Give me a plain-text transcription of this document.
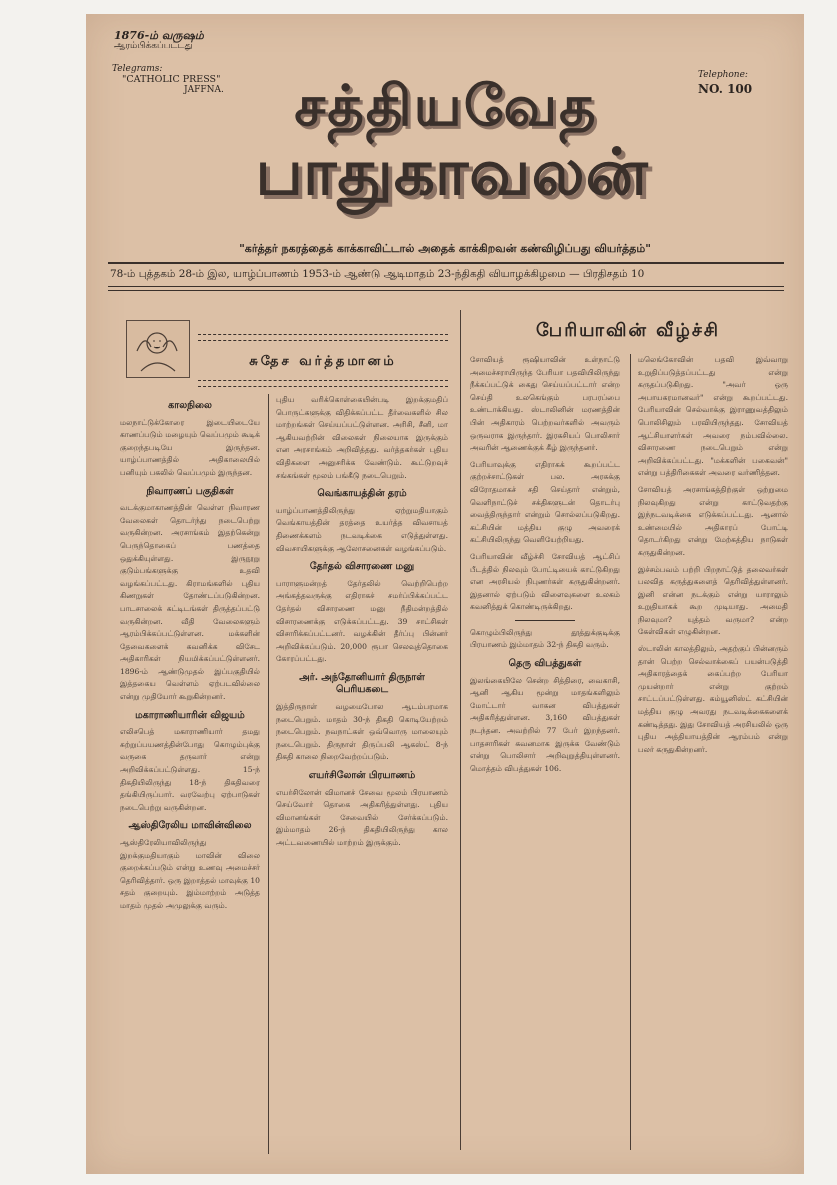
1876-ம் வருஷம்
ஆரம்பிக்கப்பட்டது
Telegrams:
"CATHOLIC PRESS"
JAFFNA.
Telephone:
NO. 100
சத்தியவேத
பாதுகாவலன்
"கர்த்தர் நகரத்தைக் காக்காவிட்டால் அதைக் காக்கிறவன் கண்விழிப்பது வியர்த்தம்"
78-ம் புத்தகம் 28-ம் இல, யாழ்ப்பாணம் 1953-ம் ஆண்டு ஆடிமாதம் 23-ந்திகதி வியாழக்கிழமை — பிரதிசதம் 10
சுதேச வர்த்தமானம்
காலநிலை

மலநாட்டுக்கோரை இடையிடையே காணப்படும் மழையும் வெப்பமும் கூடிக் குறைந்தபடியே இருந்தன. யாழ்ப்பாணத்தில் அதிகாலையில் பனியும் பகலில் வெப்பமும் இருந்தன.

நிவாரணப் பகுதிகள்

வடக்குமாகாணத்தின் வெள்ள நிவாரண வேலைகள் தொடர்ந்து நடைபெற்று வருகின்றன. அரசாங்கம் இதற்கென்று பெருந்தொகைப் பணத்தை ஒதுக்கியுள்ளது. இருநூறு குடும்பங்களுக்கு உதவி வழங்கப்பட்டது. கிராமங்களில் புதிய கிணறுகள் தோண்டப்படுகின்றன. பாடசாலைக் கட்டிடங்கள் திருத்தப்பட்டு வருகின்றன. வீதி வேலைகளும் ஆரம்பிக்கப்பட்டுள்ளன. மக்களின் தேவைகளைக் கவனிக்க விசேட அதிகாரிகள் நியமிக்கப்பட்டுள்ளனர். 1896-ம் ஆண்டுமுதல் இப்பகுதியில் இத்தகைய வெள்ளம் ஏற்படவில்லை என்று முதியோர் கூறுகின்றனர்.

மகாராணியாரின் விஜயம்

எலிசபெத் மகாராணியார் தமது சுற்றுப்பயணத்தின்போது கொழும்புக்கு வருகை தருவார் என்று அறிவிக்கப்பட்டுள்ளது. 15-ந் திகதியிலிருந்து 18-ந் திகதிவரை தங்கியிருப்பார். வரவேற்பு ஏற்பாடுகள் நடைபெற்று வருகின்றன.

ஆஸ்திரேலிய மாவின்விலை

ஆஸ்திரேலியாவிலிருந்து இறக்குமதியாகும் மாவின் விலை குறைக்கப்படும் என்று உணவு அமைச்சர் தெரிவித்தார். ஒரு இறாத்தல் மாவுக்கு 10 சதம் குறையும். இம்மாற்றம் அடுத்த மாதம் முதல் அமுலுக்கு வரும்.

புதிய வரிக்கொள்கையின்படி இறக்குமதிப் பொருட்களுக்கு விதிக்கப்பட்ட தீர்வைகளில் சில மாற்றங்கள் செய்யப்பட்டுள்ளன. அரிசி, சீனி, மா ஆகியவற்றின் விலைகள் நிலையாக இருக்கும் என அரசாங்கம் அறிவித்தது. வர்த்தகர்கள் புதிய விதிகளை அனுசரிக்க வேண்டும். கூட்டுறவுச் சங்கங்கள் மூலம் பங்கீடு நடைபெறும்.

வெங்காயத்தின் தரம்

யாழ்ப்பாணத்திலிருந்து ஏற்றுமதியாகும் வெங்காயத்தின் தரத்தை உயர்த்த விவசாயத் திணைக்களம் நடவடிக்கை எடுத்துள்ளது. விவசாயிகளுக்கு ஆலோசனைகள் வழங்கப்படும்.

தேர்தல் விசாரணை மனு

பாராளுமன்றத் தேர்தலில் வெற்றிபெற்ற அங்கத்தவருக்கு எதிராகச் சமர்ப்பிக்கப்பட்ட தேர்தல் விசாரணை மனு நீதிமன்றத்தில் விசாரணைக்கு எடுக்கப்பட்டது. 39 சாட்சிகள் விசாரிக்கப்பட்டனர். வழக்கின் தீர்ப்பு பின்னர் அறிவிக்கப்படும். 20,000 ரூபா செலவுத்தொகை கோரப்பட்டது.

அர். அந்தோனியார் திருநாள் பெரியகடை

இத்திருநாள் வழமைபோல ஆடம்பரமாக நடைபெறும். மாதம் 30-ந் திகதி கொடியேற்றம் நடைபெறும். நவநாட்கள் ஒவ்வொரு மாலையும் நடைபெறும். திருநாள் திருப்பலி ஆகஸ்ட் 8-ந் திகதி காலை நிறைவேற்றப்படும்.

எயர்சிலோன் பிரயாணம்

எயர்சிலோன் விமானச் சேவை மூலம் பிரயாணம் செய்வோர் தொகை அதிகரித்துள்ளது. புதிய விமானங்கள் சேவையில் சேர்க்கப்படும். இம்மாதம் 26-ந் திகதியிலிருந்து கால அட்டவணையில் மாற்றம் இருக்கும்.

பேரியாவின் வீழ்ச்சி

சோவியத் ரூஷியாவின் உள்நாட்டு அமைச்சராயிருந்த பேரியா பதவியிலிருந்து நீக்கப்பட்டுக் கைது செய்யப்பட்டார் என்ற செய்தி உலகெங்கும் பரபரப்பை உண்டாக்கியது. ஸ்டாலினின் மரணத்தின் பின் அதிகாரம் பெற்றவர்களில் அவரும் ஒருவராக இருந்தார். இரகசியப் பொலிசார் அவரின் ஆணைக்குக் கீழ் இருந்தனர்.

பேரியாவுக்கு எதிராகக் கூறப்பட்ட குற்றச்சாட்டுகள் பல. அரசுக்கு விரோதமாகச் சதி செய்தார் என்றும், வெளிநாட்டுச் சக்திகளுடன் தொடர்பு வைத்திருந்தார் என்றும் சொல்லப்படுகிறது. கட்சியின் மத்திய குழு அவரைக் கட்சியிலிருந்து வெளியேற்றியது.

பேரியாவின் வீழ்ச்சி சோவியத் ஆட்சிப் பீடத்தில் நிலவும் போட்டியைக் காட்டுகிறது என அரசியல் நிபுணர்கள் கருதுகின்றனர். இதனால் ஏற்படும் விளைவுகளை உலகம் கவனித்துக் கொண்டிருக்கிறது.

கொழும்பிலிருந்து தூத்துக்குடிக்கு பிரயாணம் இம்மாதம் 32-ந் திகதி வரும்.

தெரு விபத்துகள்

இலங்கையிலே சென்ற சித்திரை, வைகாசி, ஆனி ஆகிய மூன்று மாதங்களிலும் மோட்டார் வாகன விபத்துகள் அதிகரித்துள்ளன. 3,160 விபத்துகள் நடந்தன. அவற்றில் 77 பேர் இறந்தனர். பாதசாரிகள் கவனமாக இருக்க வேண்டும் என்று பொலிசார் அறிவுறுத்தியுள்ளனர். மொத்தம் விபத்துகள் 106.

மலெங்கோவின் பதவி இவ்வாறு உறுதிப்படுத்தப்பட்டது என்று கருதப்படுகிறது. "அவர் ஒரு அபாயகரமானவர்" என்று கூறப்பட்டது. பேரியாவின் செல்வாக்கு இராணுவத்திலும் பொலிசிலும் பரவியிருந்தது. சோவியத் ஆட்சியாளர்கள் அவரை நம்பவில்லை. விசாரணை நடைபெறும் என்று அறிவிக்கப்பட்டது. "மக்களின் பகைவன்" என்று பத்திரிகைகள் அவரை வர்ணித்தன.

சோவியத் அரசாங்கத்திற்குள் ஒற்றுமை நிலவுகிறது என்று காட்டுவதற்கு இந்நடவடிக்கை எடுக்கப்பட்டது. ஆனால் உண்மையில் அதிகாரப் போட்டி தொடர்கிறது என்று மேற்கத்திய நாடுகள் கருதுகின்றன.

இச்சம்பவம் பற்றி பிறநாட்டுத் தலைவர்கள் பலவித கருத்துகளைத் தெரிவித்துள்ளனர். இனி என்ன நடக்கும் என்று யாராலும் உறுதியாகக் கூற முடியாது. அமைதி நிலவுமா? யுத்தம் வருமா? என்ற கேள்விகள் எழுகின்றன.

ஸ்டாலின் காலத்திலும், அதற்குப் பின்னரும் தான் பெற்ற செல்வாக்கைப் பயன்படுத்தி அதிகாரத்தைக் கைப்பற்ற பேரியா முயன்றார் என்று குற்றம் சாட்டப்பட்டுள்ளது. கம்யூனிஸ்ட் கட்சியின் மத்திய குழு அவரது நடவடிக்கைகளைக் கண்டித்தது. இது சோவியத் அரசியலில் ஒரு புதிய அத்தியாயத்தின் ஆரம்பம் என்று பலர் கருதுகின்றனர்.
